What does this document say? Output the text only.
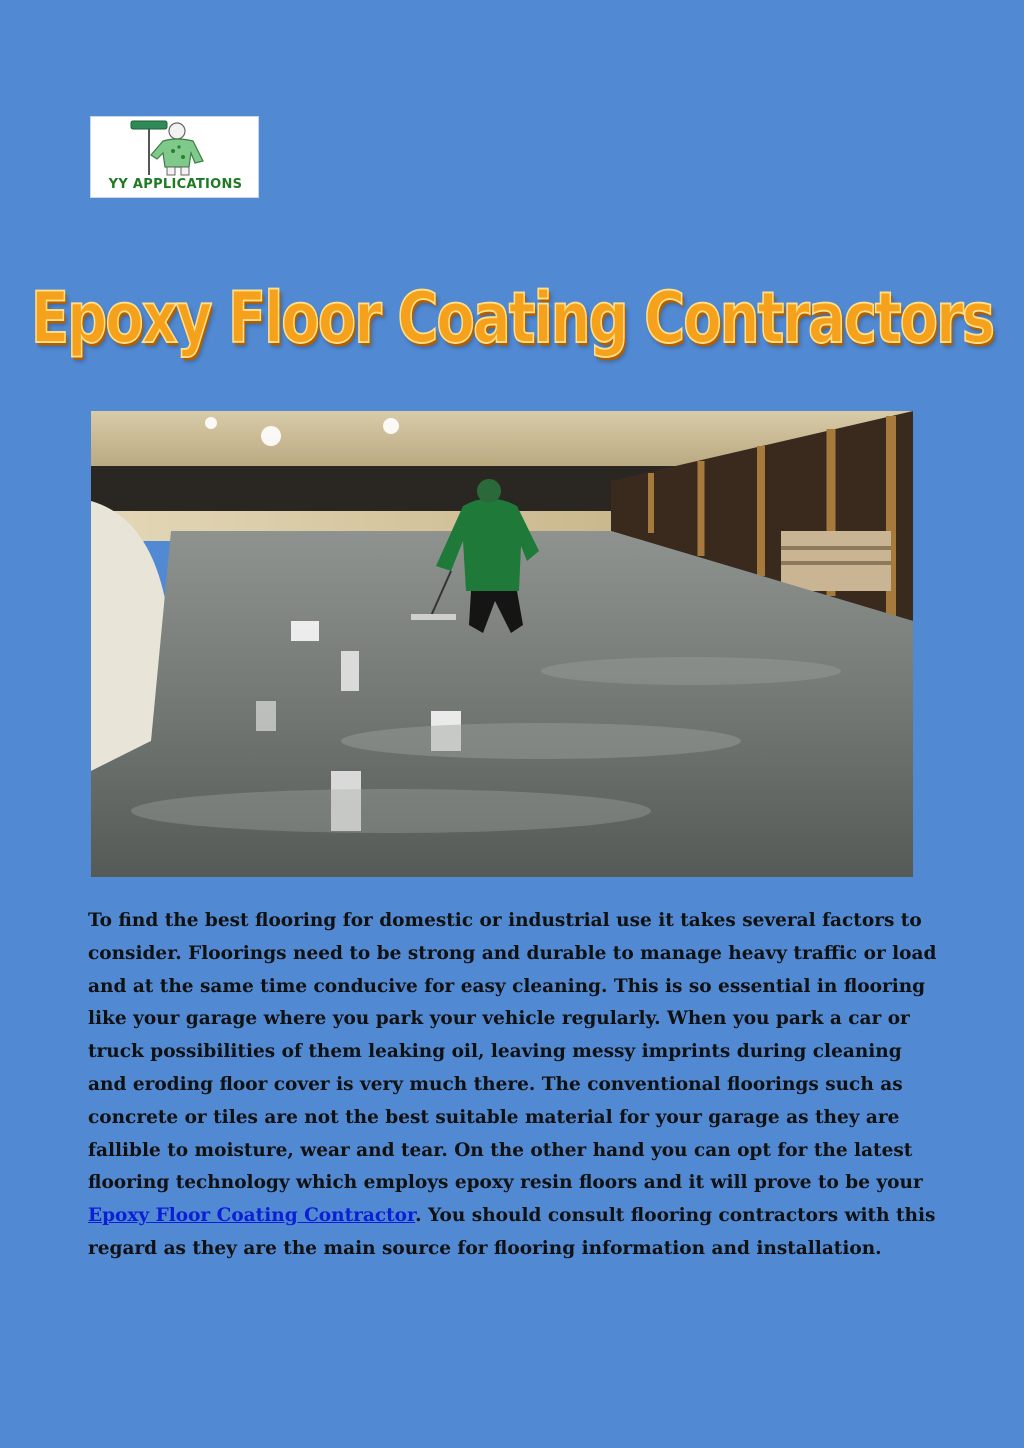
YY APPLICATIONS
Epoxy Floor Coating Contractors

To find the best flooring for domestic or industrial use it takes several factors to consider. Floorings need to be strong and durable to manage heavy traffic or load and at the same time conducive for easy cleaning. This is so essential in flooring like your garage where you park your vehicle regularly. When you park a car or truck possibilities of them leaking oil, leaving messy imprints during cleaning and eroding floor cover is very much there. The conventional floorings such as concrete or tiles are not the best suitable material for your garage as they are fallible to moisture, wear and tear. On the other hand you can opt for the latest flooring technology which employs epoxy resin floors and it will prove to be your Epoxy Floor Coating Contractor. You should consult flooring contractors with this regard as they are the main source for flooring information and installation.
